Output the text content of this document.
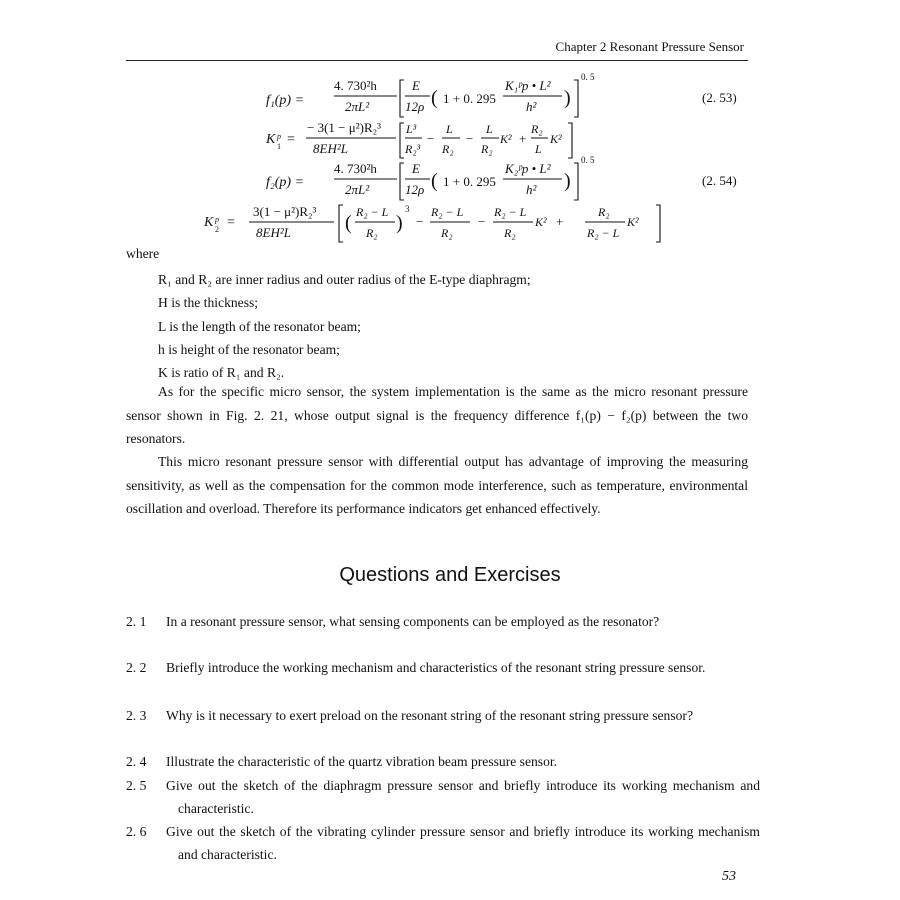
Chapter 2 Resonant Pressure Sensor
f₁(p) =
4. 730²h
2πL²
E
12ρ ( 1 + 0. 295
K₁ᵖp • L²
h² )
0. 5
(2. 53)
K p
1 =
− 3(1 − μ²)R₂³
8EH²L
L³
R₂³
−
L
R₂
−
L
R₂
K² +
R₂
L
K²
f₂(p) =
4. 730²h
2πL²
E
12ρ ( 1 + 0. 295
K₂ᵖp • L²
h² )
0. 5
(2. 54)
K p
2 =
3(1 − μ²)R₂³
8EH²L	( R₂ − L
R₂ )
3
−
R₂ − L
R₂
−
R₂ − L
R₂
K² +
R₂
R₂ − L
K²
where
R₁ and R₂ are inner radius and outer radius of the E-type diaphragm;
H is the thickness;
L is the length of the resonator beam;
h is height of the resonator beam;
K is ratio of R₁ and R₂.
As for the specific micro sensor, the system implementation is the same as the micro resonant pressure sensor shown in Fig. 2. 21, whose output signal is the frequency difference f₁(p) − f₂(p) between the two resonators.
This micro resonant pressure sensor with differential output has advantage of improving the measuring sensitivity, as well as the compensation for the common mode interference, such as temperature, environmental oscillation and overload. Therefore its performance indicators get enhanced effectively.
Questions and Exercises
2. 1 In a resonant pressure sensor, what sensing components can be employed as the resonator?
2. 2 Briefly introduce the working mechanism and characteristics of the resonant string pressure sensor.
2. 3 Why is it necessary to exert preload on the resonant string of the resonant string pressure sensor?
2. 4 Illustrate the characteristic of the quartz vibration beam pressure sensor.
2. 5 Give out the sketch of the diaphragm pressure sensor and briefly introduce its working mechanism and characteristic.
2. 6 Give out the sketch of the vibrating cylinder pressure sensor and briefly introduce its working mechanism and characteristic.
53
